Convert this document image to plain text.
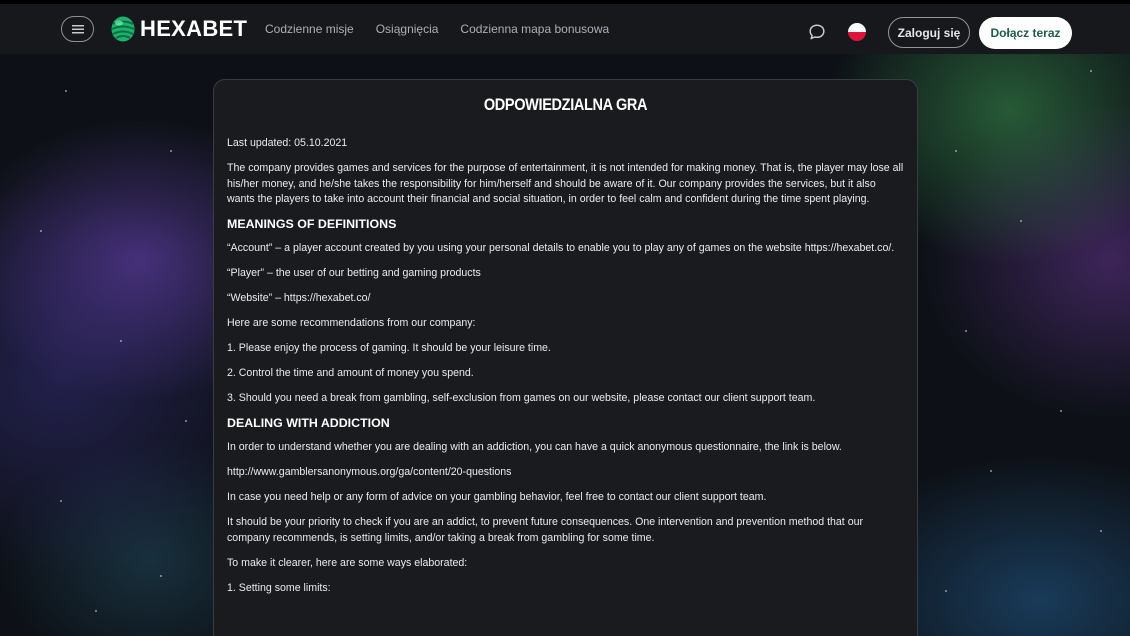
HEXABET Codzienne misje Osiągnięcia Codzienna mapa bonusowa	Zaloguj się	Dołącz teraz
ODPOWIEDZIALNA GRA

Last updated: 05.10.2021

The company provides games and services for the purpose of entertainment, it is not intended for making money. That is, the player may lose all his/her money, and he/she takes the responsibility for him/herself and should be aware of it. Our company provides the services, but it also wants the players to take into account their financial and social situation, in order to feel calm and confident during the time spent playing.

MEANINGS OF DEFINITIONS

“Account” – a player account created by you using your personal details to enable you to play any of games on the website https://hexabet.co/.

“Player” – the user of our betting and gaming products

“Website” – https://hexabet.co/

Here are some recommendations from our company:

1. Please enjoy the process of gaming. It should be your leisure time.

2. Control the time and amount of money you spend.

3. Should you need a break from gambling, self-exclusion from games on our website, please contact our client support team.

DEALING WITH ADDICTION

In order to understand whether you are dealing with an addiction, you can have a quick anonymous questionnaire, the link is below.

http://www.gamblersanonymous.org/ga/content/20-questions

In case you need help or any form of advice on your gambling behavior, feel free to contact our client support team.

It should be your priority to check if you are an addict, to prevent future consequences. One intervention and prevention method that our company recommends, is setting limits, and/or taking a break from gambling for some time.

To make it clearer, here are some ways elaborated:

1. Setting some limits:
